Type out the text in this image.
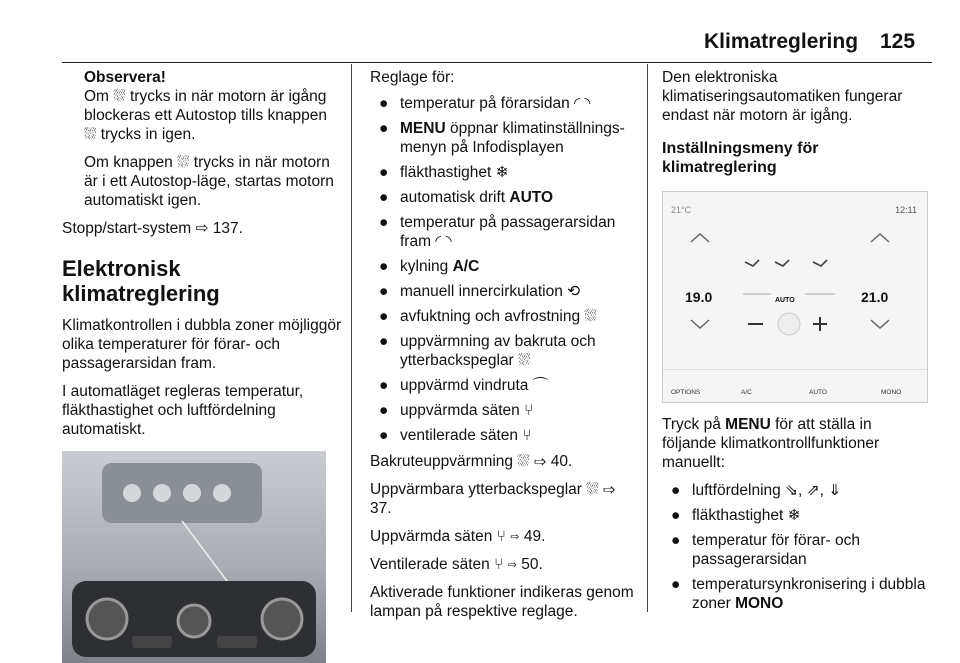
Klimatreglering 125
Observera!

Om ⛆ trycks in när motorn är igång blockeras ett Autostop tills knappen ⛆ trycks in igen.

Om knappen ⛆ trycks in när motorn är i ett Autostop-läge, startas motorn automatiskt igen.

Stopp/start-system ⇨ 137.

Elektronisk klimatreglering

Klimatkontrollen i dubbla zoner möjliggör olika temperaturer för förar- och passagerarsidan fram.

I automatläget regleras temperatur, fläkthastighet och luftfördelning automatiskt.

Reglage för:

● temperatur på förarsidan ◜ ◝
● MENU öppnar klimatinställnings-menyn på Infodisplayen
● fläkthastighet ❄
● automatisk drift AUTO
● temperatur på passagerarsidan fram ◜ ◝
● kylning A/C
● manuell innercirkulation ⟲
● avfuktning och avfrostning ⛆
● uppvärmning av bakruta och ytterbackspeglar ⛆
● uppvärmd vindruta ⌒
● uppvärmda säten ⑂
● ventilerade säten ⑂

Bakruteuppvärmning ⛆ ⇨ 40.

Uppvärmbara ytterbackspeglar ⛆ ⇨ 37.

Uppvärmda säten ⑂ ⇨ 49.

Ventilerade säten ⑂ ⇨ 50.

Aktiverade funktioner indikeras genom lampan på respektive reglage.

Den elektroniska klimatiseringsautomatiken fungerar endast när motorn är igång.

Inställningsmeny för klimatreglering
21°C	12:11
19.0	21.0
AUTO
OPTIONS	A/C	AUTO	MONO

Tryck på MENU för att ställa in följande klimatkontrollfunktioner manuellt:

● luftfördelning ⇘, ⇗, ⇓
● fläkthastighet ❄
● temperatur för förar- och passagerarsidan
● temperatursynkronisering i dubbla zoner MONO
